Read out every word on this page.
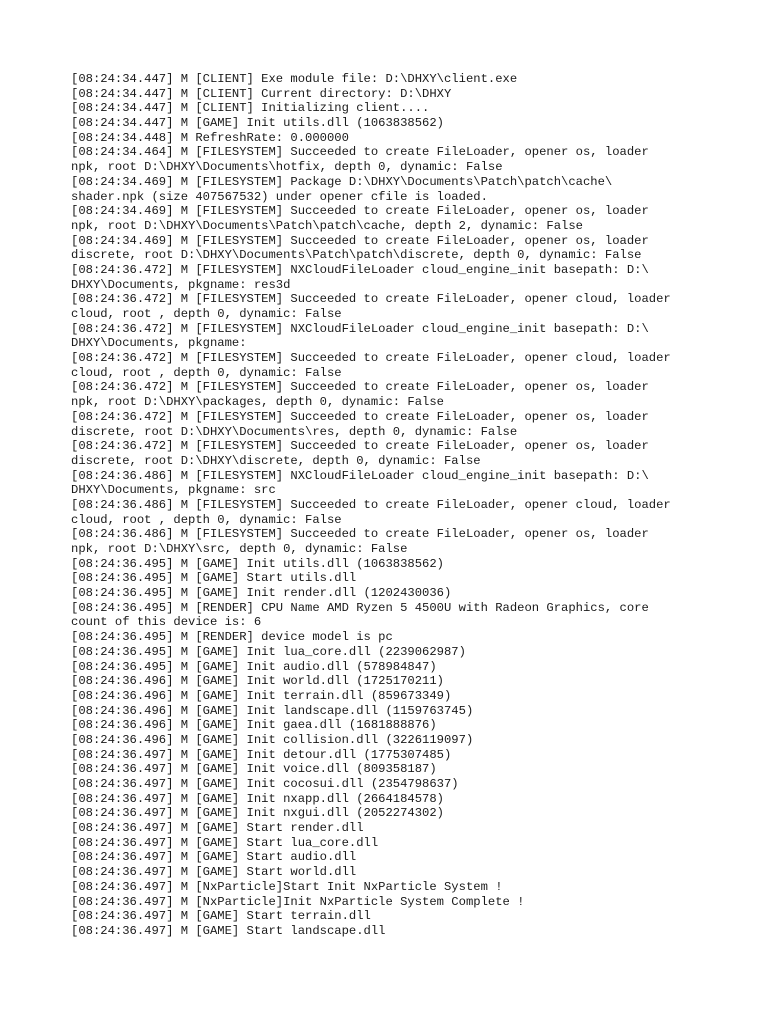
[08:24:34.447] M [CLIENT] Exe module file: D:\DHXY\client.exe
[08:24:34.447] M [CLIENT] Current directory: D:\DHXY
[08:24:34.447] M [CLIENT] Initializing client....
[08:24:34.447] M [GAME] Init utils.dll (1063838562)
[08:24:34.448] M RefreshRate: 0.000000
[08:24:34.464] M [FILESYSTEM] Succeeded to create FileLoader, opener os, loader
npk, root D:\DHXY\Documents\hotfix, depth 0, dynamic: False
[08:24:34.469] M [FILESYSTEM] Package D:\DHXY\Documents\Patch\patch\cache\
shader.npk (size 407567532) under opener cfile is loaded.
[08:24:34.469] M [FILESYSTEM] Succeeded to create FileLoader, opener os, loader
npk, root D:\DHXY\Documents\Patch\patch\cache, depth 2, dynamic: False
[08:24:34.469] M [FILESYSTEM] Succeeded to create FileLoader, opener os, loader
discrete, root D:\DHXY\Documents\Patch\patch\discrete, depth 0, dynamic: False
[08:24:36.472] M [FILESYSTEM] NXCloudFileLoader cloud_engine_init basepath: D:\
DHXY\Documents, pkgname: res3d
[08:24:36.472] M [FILESYSTEM] Succeeded to create FileLoader, opener cloud, loader
cloud, root , depth 0, dynamic: False
[08:24:36.472] M [FILESYSTEM] NXCloudFileLoader cloud_engine_init basepath: D:\
DHXY\Documents, pkgname:
[08:24:36.472] M [FILESYSTEM] Succeeded to create FileLoader, opener cloud, loader
cloud, root , depth 0, dynamic: False
[08:24:36.472] M [FILESYSTEM] Succeeded to create FileLoader, opener os, loader
npk, root D:\DHXY\packages, depth 0, dynamic: False
[08:24:36.472] M [FILESYSTEM] Succeeded to create FileLoader, opener os, loader
discrete, root D:\DHXY\Documents\res, depth 0, dynamic: False
[08:24:36.472] M [FILESYSTEM] Succeeded to create FileLoader, opener os, loader
discrete, root D:\DHXY\discrete, depth 0, dynamic: False
[08:24:36.486] M [FILESYSTEM] NXCloudFileLoader cloud_engine_init basepath: D:\
DHXY\Documents, pkgname: src
[08:24:36.486] M [FILESYSTEM] Succeeded to create FileLoader, opener cloud, loader
cloud, root , depth 0, dynamic: False
[08:24:36.486] M [FILESYSTEM] Succeeded to create FileLoader, opener os, loader
npk, root D:\DHXY\src, depth 0, dynamic: False
[08:24:36.495] M [GAME] Init utils.dll (1063838562)
[08:24:36.495] M [GAME] Start utils.dll
[08:24:36.495] M [GAME] Init render.dll (1202430036)
[08:24:36.495] M [RENDER] CPU Name AMD Ryzen 5 4500U with Radeon Graphics, core
count of this device is: 6
[08:24:36.495] M [RENDER] device model is pc
[08:24:36.495] M [GAME] Init lua_core.dll (2239062987)
[08:24:36.495] M [GAME] Init audio.dll (578984847)
[08:24:36.496] M [GAME] Init world.dll (1725170211)
[08:24:36.496] M [GAME] Init terrain.dll (859673349)
[08:24:36.496] M [GAME] Init landscape.dll (1159763745)
[08:24:36.496] M [GAME] Init gaea.dll (1681888876)
[08:24:36.496] M [GAME] Init collision.dll (3226119097)
[08:24:36.497] M [GAME] Init detour.dll (1775307485)
[08:24:36.497] M [GAME] Init voice.dll (809358187)
[08:24:36.497] M [GAME] Init cocosui.dll (2354798637)
[08:24:36.497] M [GAME] Init nxapp.dll (2664184578)
[08:24:36.497] M [GAME] Init nxgui.dll (2052274302)
[08:24:36.497] M [GAME] Start render.dll
[08:24:36.497] M [GAME] Start lua_core.dll
[08:24:36.497] M [GAME] Start audio.dll
[08:24:36.497] M [GAME] Start world.dll
[08:24:36.497] M [NxParticle]Start Init NxParticle System !
[08:24:36.497] M [NxParticle]Init NxParticle System Complete !
[08:24:36.497] M [GAME] Start terrain.dll
[08:24:36.497] M [GAME] Start landscape.dll
